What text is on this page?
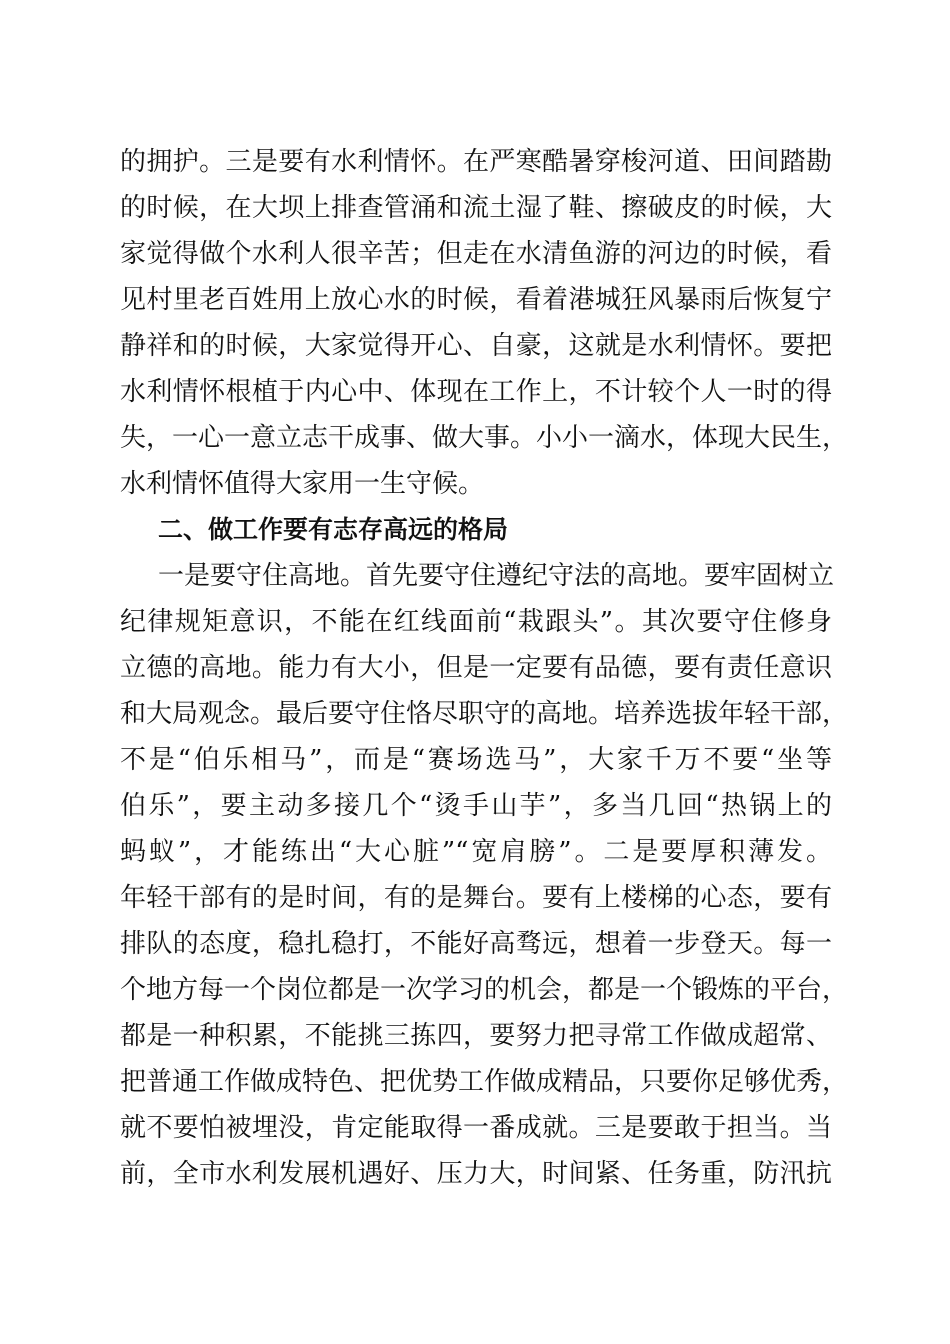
的拥护。三是要有水利情怀。在严寒酷暑穿梭河道、田间踏勘

的时候，在大坝上排查管涌和流土湿了鞋、擦破皮的时候，大

家觉得做个水利人很辛苦；但走在水清鱼游的河边的时候，看

见村里老百姓用上放心水的时候，看着港城狂风暴雨后恢复宁

静祥和的时候，大家觉得开心、自豪，这就是水利情怀。要把

水利情怀根植于内心中、体现在工作上，不计较个人一时的得

失，一心一意立志干成事、做大事。小小一滴水，体现大民生，

水利情怀值得大家用一生守候。

二、做工作要有志存高远的格局

一是要守住高地。首先要守住遵纪守法的高地。要牢固树立

纪律规矩意识，不能在红线面前“栽跟头”。其次要守住修身

立德的高地。能力有大小，但是一定要有品德，要有责任意识

和大局观念。最后要守住恪尽职守的高地。培养选拔年轻干部，

不是“伯乐相马”，而是“赛场选马”，大家千万不要“坐等

伯乐”，要主动多接几个“烫手山芋”，多当几回“热锅上的

蚂蚁”，才能练出“大心脏”“宽肩膀”。二是要厚积薄发。

年轻干部有的是时间，有的是舞台。要有上楼梯的心态，要有

排队的态度，稳扎稳打，不能好高骛远，想着一步登天。每一

个地方每一个岗位都是一次学习的机会，都是一个锻炼的平台，

都是一种积累，不能挑三拣四，要努力把寻常工作做成超常、

把普通工作做成特色、把优势工作做成精品，只要你足够优秀，

就不要怕被埋没，肯定能取得一番成就。三是要敢于担当。当

前，全市水利发展机遇好、压力大，时间紧、任务重，防汛抗
